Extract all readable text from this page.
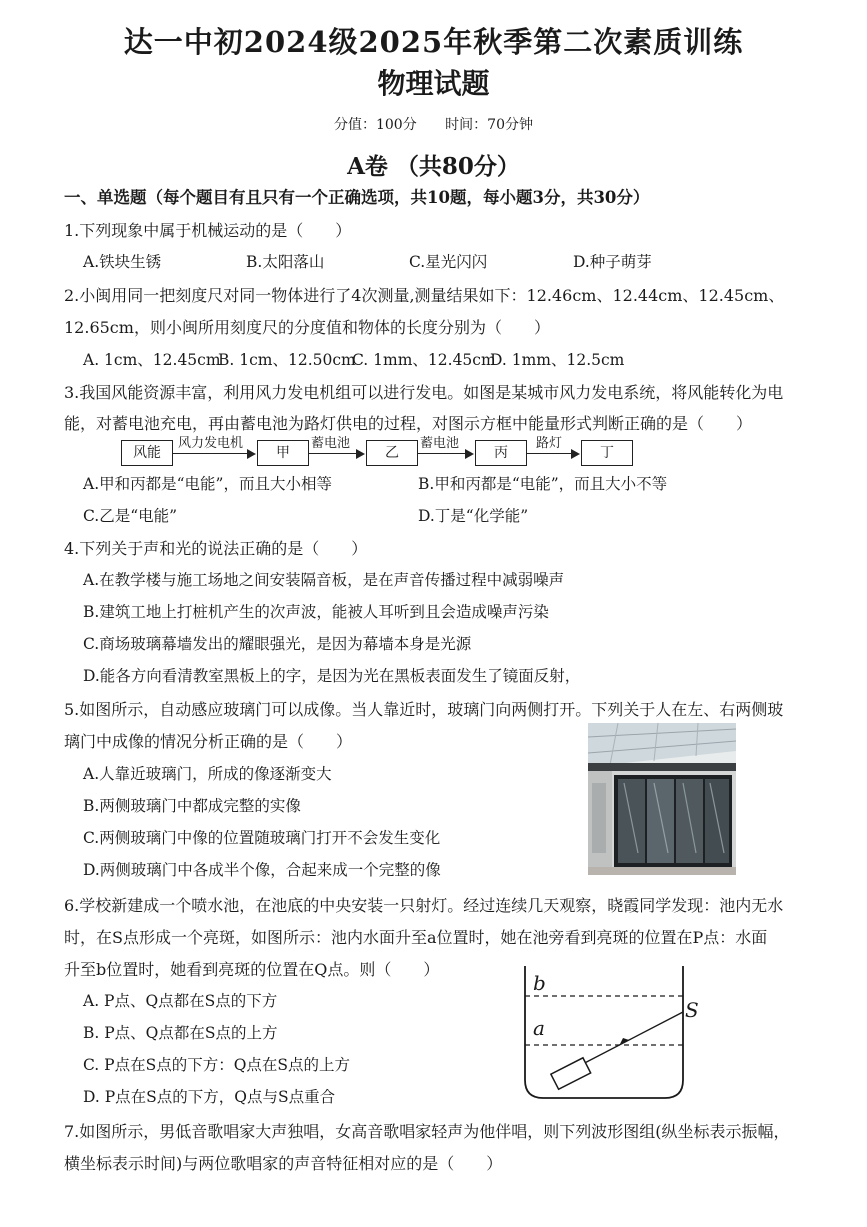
达一中初2024级2025年秋季第二次素质训练
物理试题
分值：100分 时间：70分钟
A卷 （共80分）
一、单选题（每个题目有且只有一个正确选项，共10题，每小题3分，共30分）
1.下列现象中属于机械运动的是（　　）
A.铁块生锈	B.太阳落山	C.星光闪闪	D.种子萌芽
2.小闽用同一把刻度尺对同一物体进行了4次测量,测量结果如下：12.46cm、12.44cm、12.45cm、
12.65cm，则小闽所用刻度尺的分度值和物体的长度分别为（　　）
A. 1cm、12.45cm
B. 1cm、12.50cm
C. 1mm、12.45cm
D. 1mm、12.5cm
3.我国风能资源丰富，利用风力发电机组可以进行发电。如图是某城市风力发电系统，将风能转化为电
能，对蓄电池充电，再由蓄电池为路灯供电的过程，对图示方框中能量形式判断正确的是（　　）
风能
风力发电机
甲
蓄电池
乙
蓄电池
丙
路灯
丁
A.甲和丙都是“电能”，而且大小相等	B.甲和丙都是“电能”，而且大小不等
C.乙是“电能”	D.丁是“化学能”
4.下列关于声和光的说法正确的是（　　）
A.在教学楼与施工场地之间安装隔音板，是在声音传播过程中减弱噪声
B.建筑工地上打桩机产生的次声波，能被人耳听到且会造成噪声污染
C.商场玻璃幕墙发出的耀眼强光，是因为幕墙本身是光源
D.能各方向看清教室黑板上的字，是因为光在黑板表面发生了镜面反射，
5.如图所示，自动感应玻璃门可以成像。当人靠近时，玻璃门向两侧打开。下列关于人在左、右两侧玻
璃门中成像的情况分析正确的是（　　）
A.人靠近玻璃门，所成的像逐渐变大
B.两侧玻璃门中都成完整的实像
C.两侧玻璃门中像的位置随玻璃门打开不会发生变化
D.两侧玻璃门中各成半个像，合起来成一个完整的像
6.学校新建成一个喷水池，在池底的中央安装一只射灯。经过连续几天观察，晓霞同学发现：池内无水
时，在S点形成一个亮斑，如图所示：池内水面升至a位置时，她在池旁看到亮斑的位置在P点：水面
升至b位置时，她看到亮斑的位置在Q点。则（　　）
A. P点、Q点都在S点的下方
B. P点、Q点都在S点的上方
C. P点在S点的下方：Q点在S点的上方
D. P点在S点的下方，Q点与S点重合
b
a
S
7.如图所示，男低音歌唱家大声独唱，女高音歌唱家轻声为他伴唱，则下列波形图组(纵坐标表示振幅，
横坐标表示时间)与两位歌唱家的声音特征相对应的是（　　）
